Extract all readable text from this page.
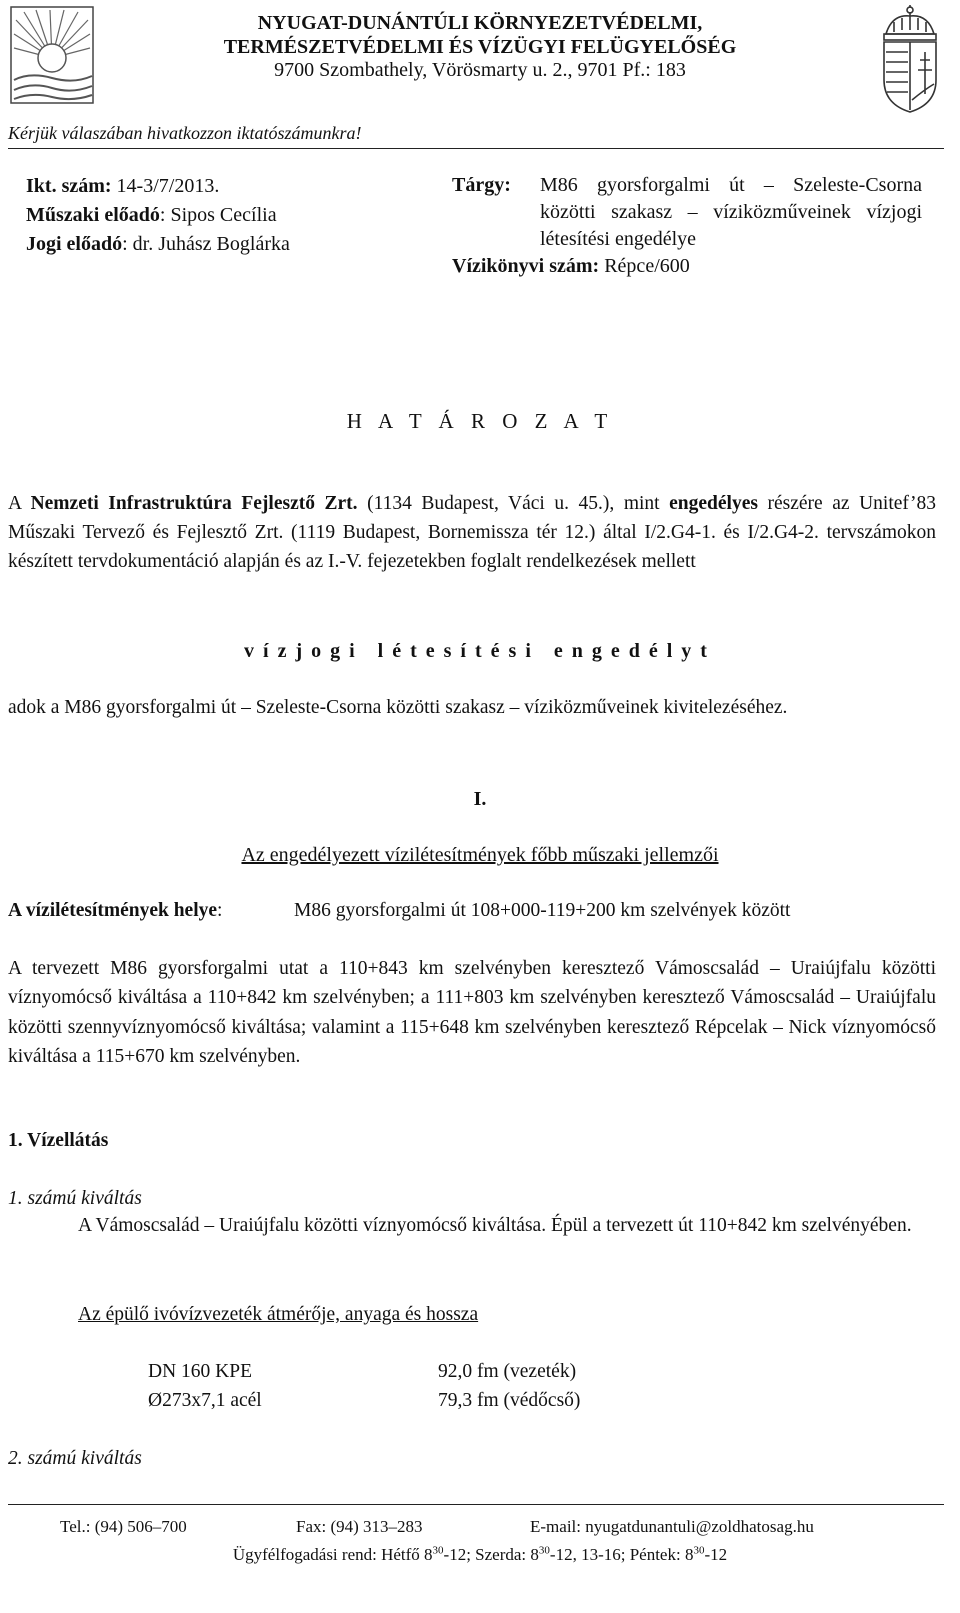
NYUGAT-DUNÁNTÚLI KÖRNYEZETVÉDELMI,
TERMÉSZETVÉDELMI ÉS VÍZÜGYI FELÜGYELŐSÉG
9700 Szombathely, Vörösmarty u. 2., 9701 Pf.: 183
Kérjük válaszában hivatkozzon iktatószámunkra!
Ikt. szám: 14-3/7/2013.
Műszaki előadó: Sipos Cecília
Jogi előadó: dr. Juhász Boglárka
Tárgy:	M86 gyorsforgalmi út – Szeleste-Csorna közötti szakasz – víziközműveinek vízjogi létesítési engedélye
Vízikönyvi szám: Répce/600
H A T Á R O Z A T
A Nemzeti Infrastruktúra Fejlesztő Zrt. (1134 Budapest, Váci u. 45.), mint engedélyes részére az Unitef’83 Műszaki Tervező és Fejlesztő Zrt. (1119 Budapest, Bornemissza tér 12.) által I/2.G4-1. és I/2.G4-2. tervszámokon készített tervdokumentáció alapján és az I.-V. fejezetekben foglalt rendelkezések mellett
vízjogi létesítési engedélyt
adok a M86 gyorsforgalmi út – Szeleste-Csorna közötti szakasz – víziközműveinek kivitelezéséhez.
I.
Az engedélyezett vízilétesítmények főbb műszaki jellemzői
A vízilétesítmények helye:	M86 gyorsforgalmi út 108+000-119+200 km szelvények között
A tervezett M86 gyorsforgalmi utat a 110+843 km szelvényben keresztező Vámoscsalád – Uraiújfalu közötti víznyomócső kiváltása a 110+842 km szelvényben; a 111+803 km szelvényben keresztező Vámoscsalád – Uraiújfalu közötti szennyvíznyomócső kiváltása; valamint a 115+648 km szelvényben keresztező Répcelak – Nick víznyomócső kiváltása a 115+670 km szelvényben.
1. Vízellátás
1. számú kiváltás
A Vámoscsalád – Uraiújfalu közötti víznyomócső kiváltása. Épül a tervezett út 110+842 km szelvényében.
Az épülő ivóvízvezeték átmérője, anyaga és hossza
DN 160 KPE	92,0 fm (vezeték)
Ø273x7,1 acél	79,3 fm (védőcső)
2. számú kiváltás
Tel.: (94) 506–700	Fax: (94) 313–283	E-mail: nyugatdunantuli@zoldhatosag.hu
Ügyfélfogadási rend: Hétfő $8^{30}-12$; Szerda: $8^{30}-12$, 13-16; Péntek: $8^{30}-12$
